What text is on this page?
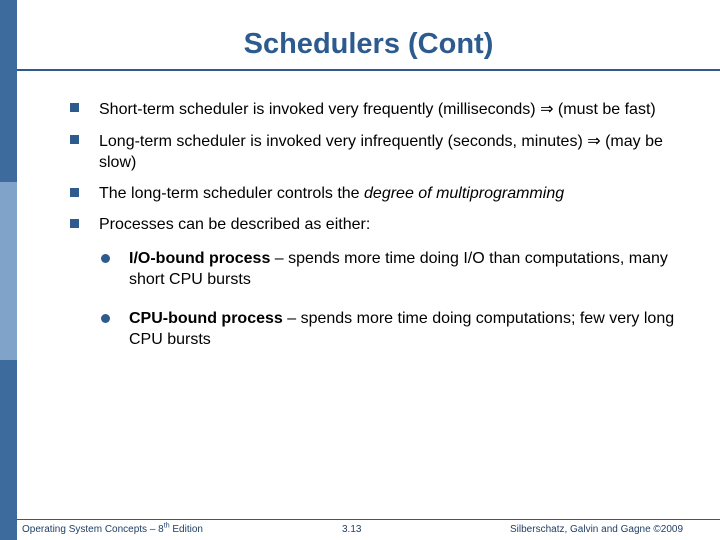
Schedulers (Cont)
Short-term scheduler is invoked very frequently (milliseconds) ⇒ (must be fast)
Long-term scheduler is invoked very infrequently (seconds, minutes) ⇒ (may be slow)
The long-term scheduler controls the degree of multiprogramming
Processes can be described as either:
I/O-bound process – spends more time doing I/O than computations, many short CPU bursts
CPU-bound process – spends more time doing computations; few very long CPU bursts
Operating System Concepts – 8th Edition	3.13	Silberschatz, Galvin and Gagne ©2009
